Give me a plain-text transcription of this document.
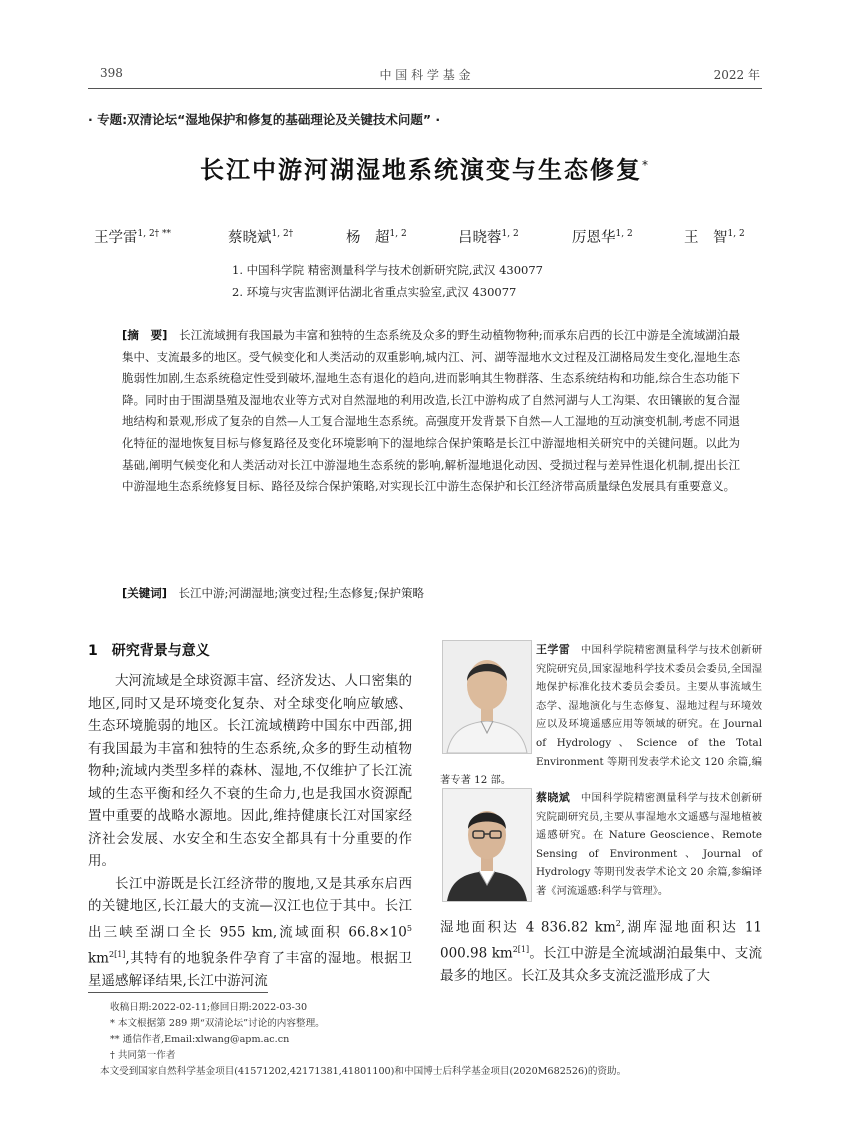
398	中 国 科 学 基 金	2022 年
· 专题:双清论坛“湿地保护和修复的基础理论及关键技术问题” ·
长江中游河湖湿地系统演变与生态修复*
王学雷$^{1, 2\dagger **}$	蔡晓斌$^{1, 2\dagger}$	杨　超$^{1, 2}$	吕晓蓉$^{1, 2}$	厉恩华$^{1, 2}$	王　智$^{1, 2}$
1. 中国科学院 精密测量科学与技术创新研究院,武汉 430077
2. 环境与灾害监测评估湖北省重点实验室,武汉 430077
[摘　要]　 长江流域拥有我国最为丰富和独特的生态系统及众多的野生动植物物种;而承东启西的长江中游是全流域湖泊最集中、支流最多的地区。受气候变化和人类活动的双重影响,城内江、河、湖等湿地水文过程及江湖格局发生变化,湿地生态脆弱性加剧,生态系统稳定性受到破坏,湿地生态有退化的趋向,进而影响其生物群落、生态系统结构和功能,综合生态功能下降。同时由于围湖垦殖及湿地农业等方式对自然湿地的利用改造,长江中游构成了自然河湖与人工沟渠、农田镶嵌的复合湿地结构和景观,形成了复杂的自然—人工复合湿地生态系统。高强度开发背景下自然—人工湿地的互动演变机制,考虑不同退化特征的湿地恢复目标与修复路径及变化环境影响下的湿地综合保护策略是长江中游湿地相关研究中的关键问题。以此为基础,阐明气候变化和人类活动对长江中游湿地生态系统的影响,解析湿地退化动因、受损过程与差异性退化机制,提出长江中游湿地生态系统修复目标、路径及综合保护策略,对实现长江中游生态保护和长江经济带高质量绿色发展具有重要意义。
[关键词]　 长江中游;河湖湿地;演变过程;生态修复;保护策略
1　 研究背景与意义

大河流域是全球资源丰富、经济发达、人口密集的地区,同时又是环境变化复杂、对全球变化响应敏感、生态环境脆弱的地区。长江流域横跨中国东中西部,拥有我国最为丰富和独特的生态系统,众多的野生动植物物种;流域内类型多样的森林、湿地,不仅维护了长江流域的生态平衡和经久不衰的生命力,也是我国水资源配置中重要的战略水源地。因此,维持健康长江对国家经济社会发展、水安全和生态安全都具有十分重要的作用。

长江中游既是长江经济带的腹地,又是其承东启西的关键地区,长江最大的支流—汉江也位于其中。长江出三峡至湖口全长 955 km,流域面积 $66.8\times 10^5$ $km^{2[1]}$,其特有的地貌条件孕育了丰富的湿地。根据卫星遥感解译结果,长江中游河流

王学雷　 中国科学院精密测量科学与技术创新研究院研究员,国家湿地科学技术委员会委员,全国湿地保护标准化技术委员会委员。主要从事流域生态学、湿地演化与生态修复、湿地过程与环境效应以及环境遥感应用等领域的研究。在 Journal of Hydrology、Science of the Total Environment 等期刊发表学术论文 120 余篇,编著专著 12 部。
蔡晓斌　 中国科学院精密测量科学与技术创新研究院副研究员,主要从事湿地水文遥感与湿地植被遥感研究。在 Nature Geoscience、Remote Sensing of Environment、Journal of Hydrology 等期刊发表学术论文 20 余篇,参编译著《河流遥感:科学与管理》。
湿地面积达 4 836.82 $km^2$,湖库湿地面积达 11 000.98 $km^{2[1]}$。长江中游是全流域湖泊最集中、支流最多的地区。长江及其众多支流泛滥形成了大
收稿日期:2022-02-11;修回日期:2022-03-30
* 本文根据第 289 期“双清论坛”讨论的内容整理。
** 通信作者,Email:xlwang@apm.ac.cn
† 共同第一作者
本文受到国家自然科学基金项目(41571202,42171381,41801100)和中国博士后科学基金项目(2020M682526)的资助。
